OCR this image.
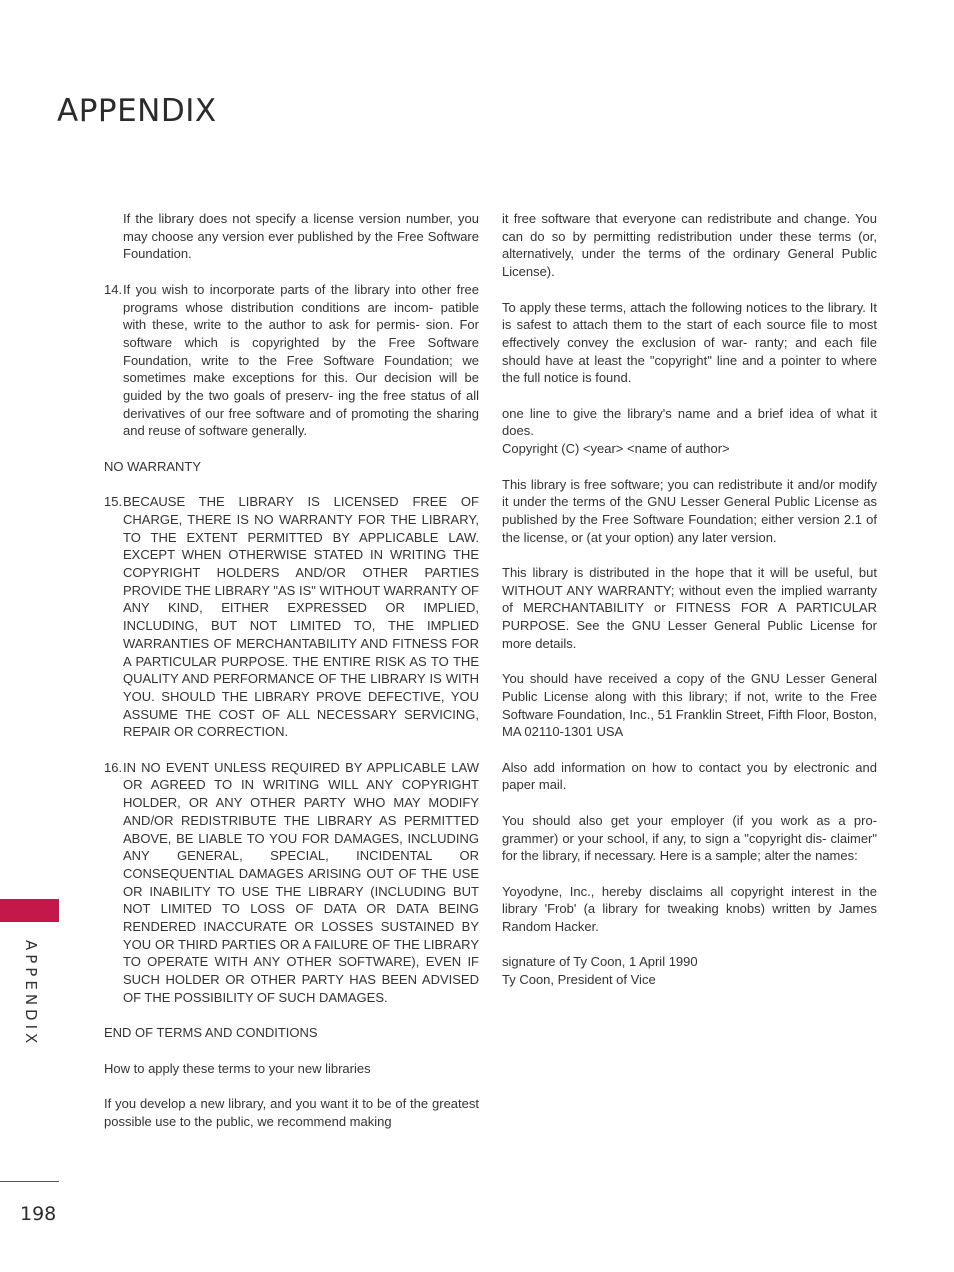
APPENDIX

If the library does not specify a license version number, you may choose any version ever published by the Free Software Foundation.

14. If you wish to incorporate parts of the library into other free programs whose distribution conditions are incom- patible with these, write to the author to ask for permis- sion. For software which is copyrighted by the Free Software Foundation, write to the Free Software Foundation; we sometimes make exceptions for this. Our decision will be guided by the two goals of preserv- ing the free status of all derivatives of our free software and of promoting the sharing and reuse of software generally.

NO WARRANTY

15. BECAUSE THE LIBRARY IS LICENSED FREE OF CHARGE, THERE IS NO WARRANTY FOR THE LIBRARY, TO THE EXTENT PERMITTED BY APPLICABLE LAW. EXCEPT WHEN OTHERWISE STATED IN WRITING THE COPYRIGHT HOLDERS AND/OR OTHER PARTIES PROVIDE THE LIBRARY "AS IS" WITHOUT WARRANTY OF ANY KIND, EITHER EXPRESSED OR IMPLIED, INCLUDING, BUT NOT LIMITED TO, THE IMPLIED WARRANTIES OF MERCHANTABILITY AND FITNESS FOR A PARTICULAR PURPOSE. THE ENTIRE RISK AS TO THE QUALITY AND PERFORMANCE OF THE LIBRARY IS WITH YOU. SHOULD THE LIBRARY PROVE DEFECTIVE, YOU ASSUME THE COST OF ALL NECESSARY SERVICING, REPAIR OR CORRECTION.
16. IN NO EVENT UNLESS REQUIRED BY APPLICABLE LAW OR AGREED TO IN WRITING WILL ANY COPYRIGHT HOLDER, OR ANY OTHER PARTY WHO MAY MODIFY AND/OR REDISTRIBUTE THE LIBRARY AS PERMITTED ABOVE, BE LIABLE TO YOU FOR DAMAGES, INCLUDING ANY GENERAL, SPECIAL, INCIDENTAL OR CONSEQUENTIAL DAMAGES ARISING OUT OF THE USE OR INABILITY TO USE THE LIBRARY (INCLUDING BUT NOT LIMITED TO LOSS OF DATA OR DATA BEING RENDERED INACCURATE OR LOSSES SUSTAINED BY YOU OR THIRD PARTIES OR A FAILURE OF THE LIBRARY TO OPERATE WITH ANY OTHER SOFTWARE), EVEN IF SUCH HOLDER OR OTHER PARTY HAS BEEN ADVISED OF THE POSSIBILITY OF SUCH DAMAGES.

END OF TERMS AND CONDITIONS

How to apply these terms to your new libraries

If you develop a new library, and you want it to be of the greatest possible use to the public, we recommend making

it free software that everyone can redistribute and change. You can do so by permitting redistribution under these terms (or, alternatively, under the terms of the ordinary General Public License).

To apply these terms, attach the following notices to the library. It is safest to attach them to the start of each source file to most effectively convey the exclusion of war- ranty; and each file should have at least the "copyright" line and a pointer to where the full notice is found.

one line to give the library's name and a brief idea of what it does.
Copyright (C) <year> <name of author>

This library is free software; you can redistribute it and/or modify it under the terms of the GNU Lesser General Public License as published by the Free Software Foundation; either version 2.1 of the license, or (at your option) any later version.

This library is distributed in the hope that it will be useful, but WITHOUT ANY WARRANTY; without even the implied warranty of MERCHANTABILITY or FITNESS FOR A PARTICULAR PURPOSE. See the GNU Lesser General Public License for more details.

You should have received a copy of the GNU Lesser General Public License along with this library; if not, write to the Free Software Foundation, Inc., 51 Franklin Street, Fifth Floor, Boston, MA 02110-1301 USA

Also add information on how to contact you by electronic and paper mail.

You should also get your employer (if you work as a pro- grammer) or your school, if any, to sign a "copyright dis- claimer" for the library, if necessary. Here is a sample; alter the names:

Yoyodyne, Inc., hereby disclaims all copyright interest in the library 'Frob' (a library for tweaking knobs) written by James Random Hacker.

signature of Ty Coon, 1 April 1990
Ty Coon, President of Vice

APPENDIX
198
